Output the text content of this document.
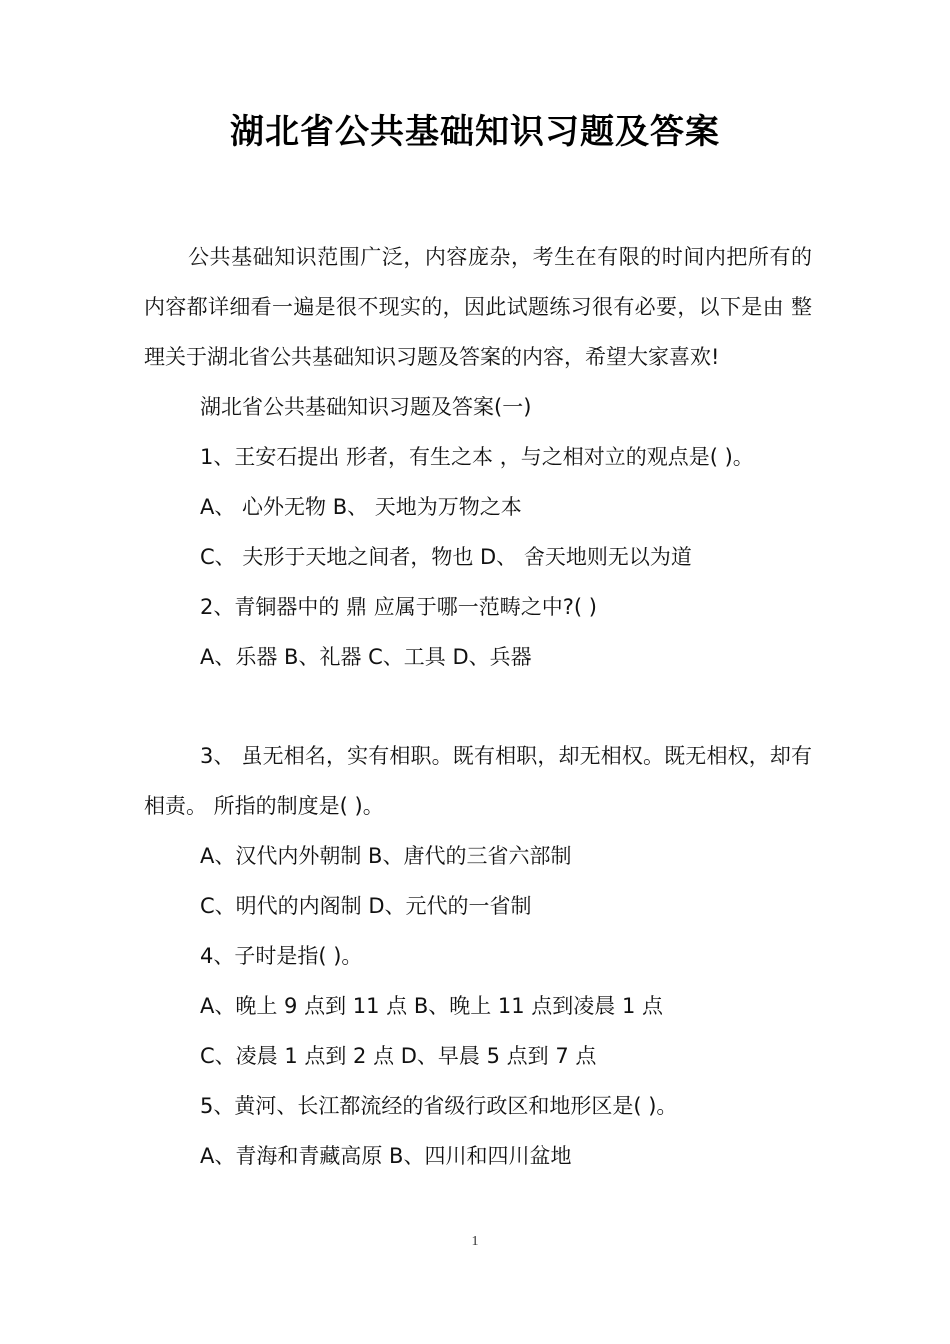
湖北省公共基础知识习题及答案
公共基础知识范围广泛，内容庞杂，考生在有限的时间内把所有的内容都详细看一遍是很不现实的，因此试题练习很有必要，以下是由 整理关于湖北省公共基础知识习题及答案的内容，希望大家喜欢!
湖北省公共基础知识习题及答案(一)
1、王安石提出 形者，有生之本 ，与之相对立的观点是( )。
A、 心外无物 B、 天地为万物之本
C、 夫形于天地之间者，物也 D、 舍天地则无以为道
2、青铜器中的 鼎 应属于哪一范畴之中?( )
A、乐器 B、礼器 C、工具 D、兵器
3、 虽无相名，实有相职。既有相职，却无相权。既无相权，却有相责。 所指的制度是( )。
A、汉代内外朝制 B、唐代的三省六部制
C、明代的内阁制 D、元代的一省制
4、子时是指( )。
A、晚上 9 点到 11 点 B、晚上 11 点到凌晨 1 点
C、凌晨 1 点到 2 点 D、早晨 5 点到 7 点
5、黄河、长江都流经的省级行政区和地形区是( )。
A、青海和青藏高原 B、四川和四川盆地
1
